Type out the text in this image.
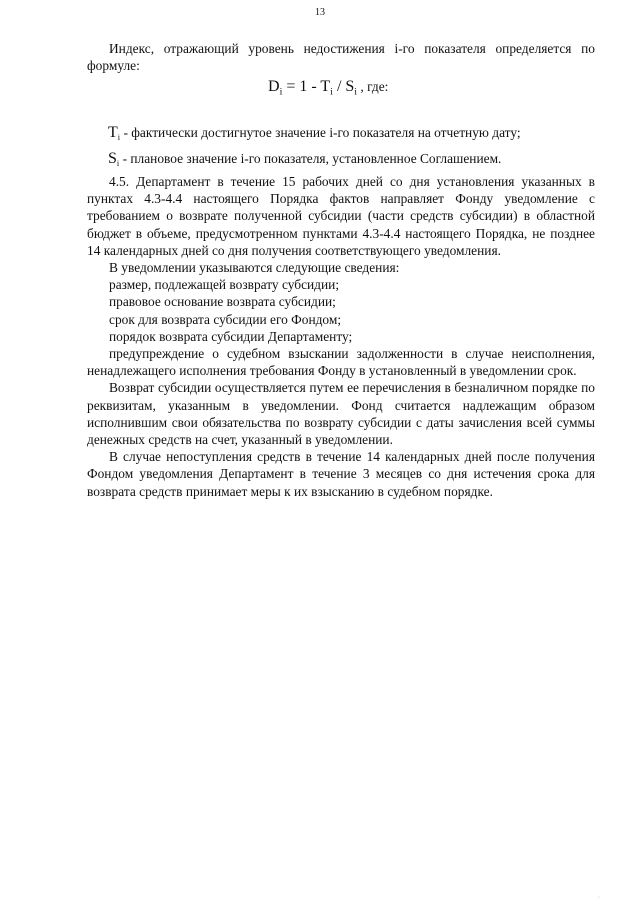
13

Индекс, отражающий уровень недостижения i-го показателя определяется по формуле:

$D_i = 1 - T_i / S_i$ , где:
$T_i$ - фактически достигнутое значение i-го показателя на отчетную дату;
$S_i$ - плановое значение i-го показателя, установленное Соглашением.

4.5. Департамент в течение 15 рабочих дней со дня установления указанных в пунктах 4.3-4.4 настоящего Порядка фактов направляет Фонду уведомление с требованием о возврате полученной субсидии (части средств субсидии) в областной бюджет в объеме, предусмотренном пунктами 4.3-4.4 настоящего Порядка, не позднее 14 календарных дней со дня получения соответствующего уведомления.

В уведомлении указываются следующие сведения:

размер, подлежащей возврату субсидии;

правовое основание возврата субсидии;

срок для возврата субсидии его Фондом;

порядок возврата субсидии Департаменту;

предупреждение о судебном взыскании задолженности в случае неисполнения, ненадлежащего исполнения требования Фонду в установленный в уведомлении срок.

Возврат субсидии осуществляется путем ее перечисления в безналичном порядке по реквизитам, указанным в уведомлении. Фонд считается надлежащим образом исполнившим свои обязательства по возврату субсидии с даты зачисления всей суммы денежных средств на счет, указанный в уведомлении.

В случае непоступления средств в течение 14 календарных дней после получения Фондом уведомления Департамент в течение 3 месяцев со дня истечения срока для возврата средств принимает меры к их взысканию в судебном порядке.

·
